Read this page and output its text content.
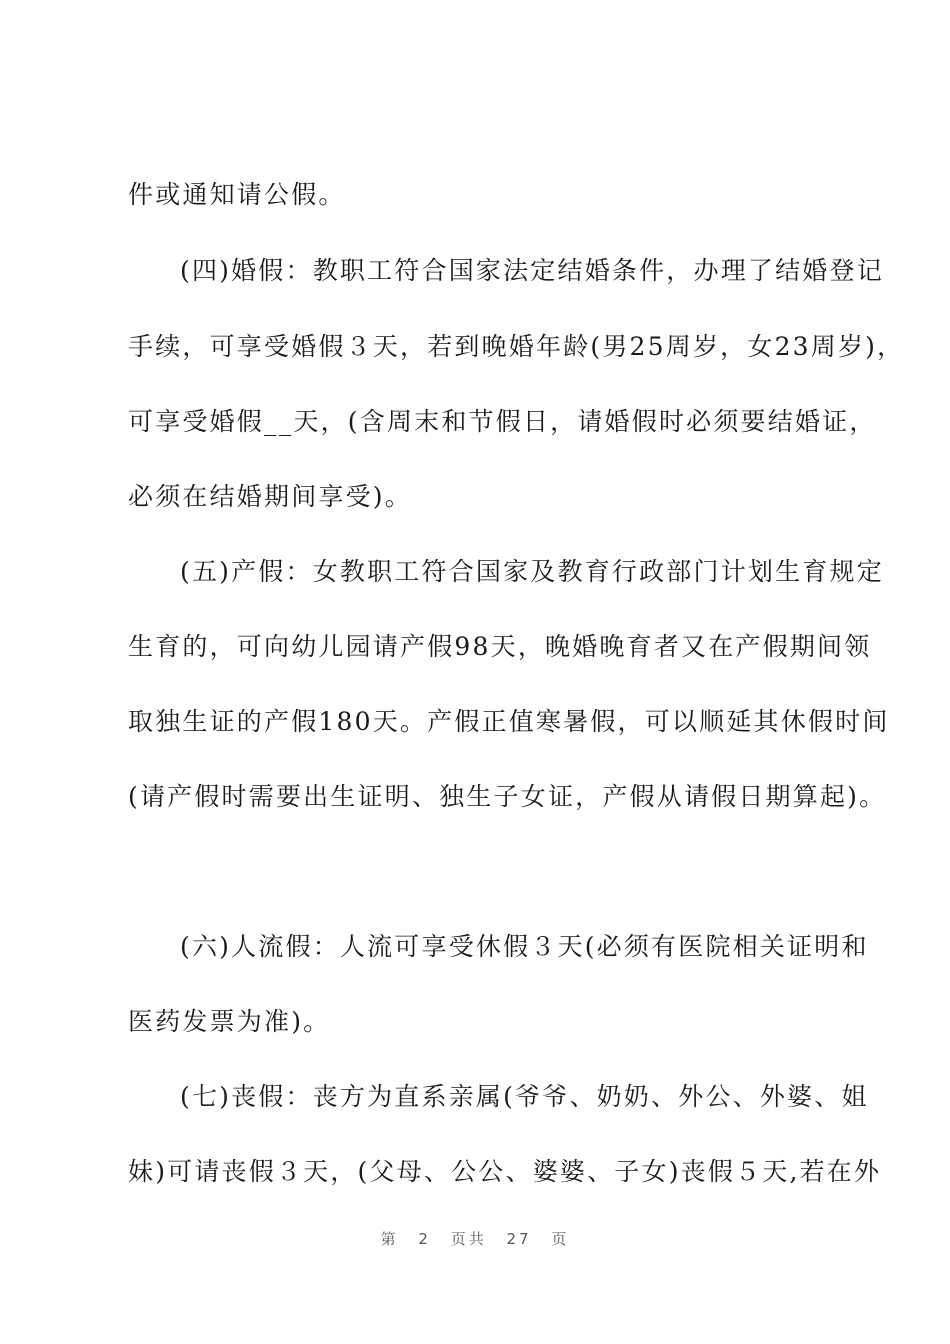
件或通知请公假。
(四)婚假：教职工符合国家法定结婚条件，办理了结婚登记
手续，可享受婚假３天，若到晚婚年龄(男25周岁，女23周岁)，
可享受婚假__天，(含周末和节假日，请婚假时必须要结婚证，
必须在结婚期间享受)。
(五)产假：女教职工符合国家及教育行政部门计划生育规定
生育的，可向幼儿园请产假98天，晚婚晚育者又在产假期间领
取独生证的产假180天。产假正值寒暑假，可以顺延其休假时间
(请产假时需要出生证明、独生子女证，产假从请假日期算起)。
(六)人流假：人流可享受休假３天(必须有医院相关证明和
医药发票为准)。
(七)丧假：丧方为直系亲属(爷爷、奶奶、外公、外婆、姐
妹)可请丧假３天，(父母、公公、婆婆、子女)丧假５天,若在外
第 2 页共 27 页
